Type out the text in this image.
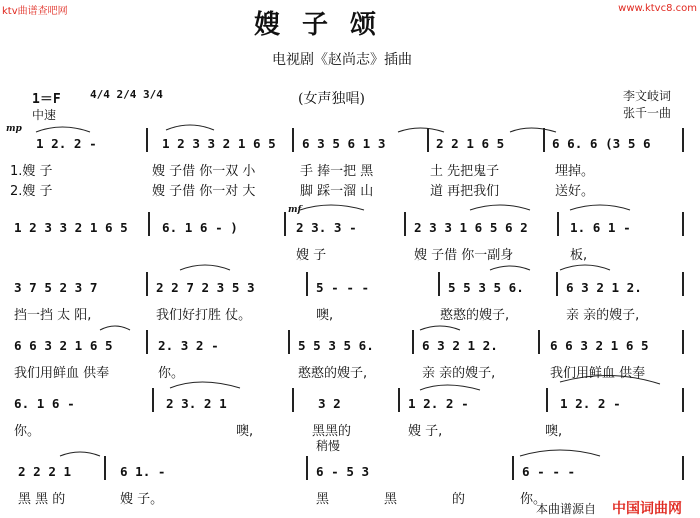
ktv曲谱查吧网	www.ktvc8.com
嫂子颂
电视剧《赵尚志》插曲
(女声独唱)	李文岐词
张千一曲
1＝F	4/4 2/4 3/4
中速
mp
1 2. 2 -	1 2 3 3 2 1 6 5 6 3 5 6 1 3	2 2 1 6 5	6 6. 6 (3 5 6
1.嫂 子	嫂 子借 你一双 小	手 捧一把 黑	土 先把鬼子	埋掉。
2.嫂 子	嫂 子借 你一对 大	脚 踩一溜 山	道 再把我们	送好。
mf
1 2 3 3 2 1 6 5	6. 1 6 - )	2 3. 3 -	2 3 3 1 6 5 6 2	1. 6 1 -
嫂 子	嫂 子借 你一副身	板,
3 7 5 2 3 7	2 2 7 2 3 5 3	5 - - -	5 5 3 5 6.	6 3 2 1 2.
挡一挡 太 阳,	我们好打胜 仗。	噢,	憨憨的嫂子,	亲 亲的嫂子,
6 6 3 2 1 6 5	2. 3 2 -	5 5 3 5 6.	6 3 2 1 2.	6 6 3 2 1 6 5
我们用鲜血 供奉	你。	憨憨的嫂子,	亲 亲的嫂子,	我们用鲜血 供奉
6. 1 6 -	2 3. 2 1	3 2	1 2. 2 -	1 2. 2 -
你。	噢,	黑黑的	嫂 子,	噢,
稍慢
2 2 2 1	6 1. -	6 - 5 3	6 - - -
黑 黑 的	嫂 子。	黑	黑	的	你。
本曲谱源自 中国词曲网
